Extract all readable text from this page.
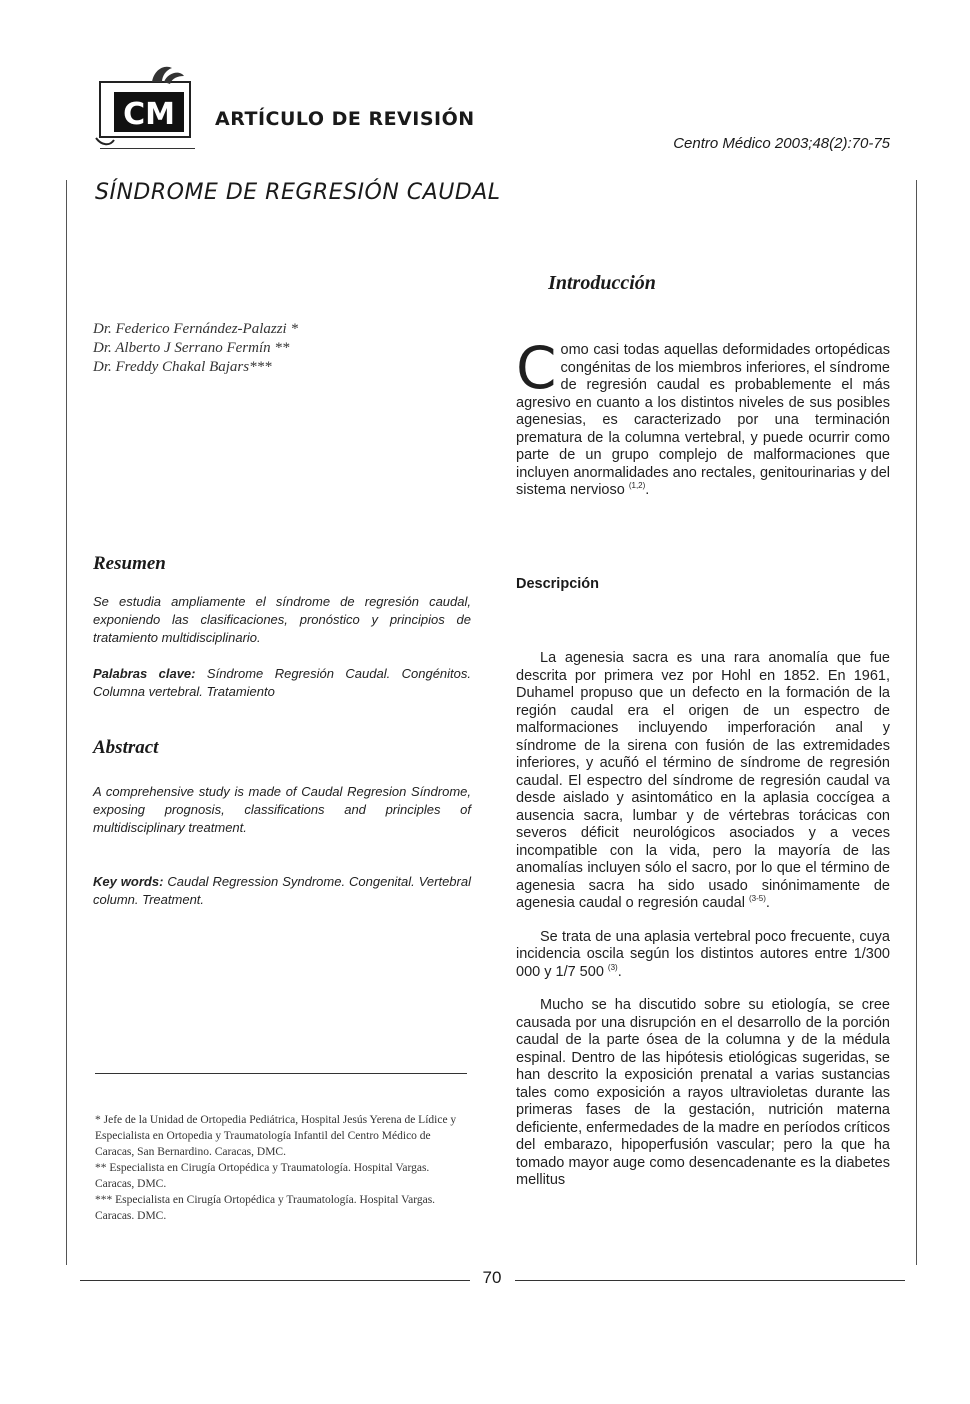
CM ARTÍCULO DE REVISIÓN
Centro Médico 2003;48(2):70-75
SÍNDROME DE REGRESIÓN CAUDAL
Dr. Federico Fernández-Palazzi *
Dr. Alberto J Serrano Fermín **
Dr. Freddy Chakal Bajars***
Resumen
Se estudia ampliamente el síndrome de regresión caudal, exponiendo las clasificaciones, pronóstico y principios de tratamiento multidisciplinario.
Palabras clave: Síndrome Regresión Caudal. Congénitos. Columna vertebral. Tratamiento
Abstract
A comprehensive study is made of Caudal Regresion Síndrome, exposing prognosis, classifications and principles of multidisciplinary treatment.
Key words: Caudal Regression Syndrome. Congenital. Vertebral column. Treatment.

* Jefe de la Unidad de Ortopedia Pediátrica, Hospital Jesús Yerena de Lídice y Especialista en Ortopedia y Traumatología Infantil del Centro Médico de Caracas, San Bernardino. Caracas, DMC.

** Especialista en Cirugía Ortopédica y Traumatología. Hospital Vargas. Caracas, DMC.

*** Especialista en Cirugía Ortopédica y Traumatología. Hospital Vargas. Caracas. DMC.

Introducción

Como casi todas aquellas deformidades ortopédicas congénitas de los miembros inferiores, el síndrome de regresión caudal es probablemente el más agresivo en cuanto a los distintos niveles de sus posibles agenesias, es caracterizado por una terminación prematura de la columna vertebral, y puede ocurrir como parte de un grupo complejo de malformaciones que incluyen anormalidades ano rectales, genitourinarias y del sistema nervioso $^{(1,2)}$.

Descripción

La agenesia sacra es una rara anomalía que fue descrita por primera vez por Hohl en 1852. En 1961, Duhamel propuso que un defecto en la formación de la región caudal era el origen de un espectro de malformaciones incluyendo imperforación anal y síndrome de la sirena con fusión de las extremidades inferiores, y acuñó el término de síndrome de regresión caudal. El espectro del síndrome de regresión caudal va desde aislado y asintomático en la aplasia coccígea a ausencia sacra, lumbar y de vértebras torácicas con severos déficit neurológicos asociados y a veces incompatible con la vida, pero la mayoría de las anomalías incluyen sólo el sacro, por lo que el término de agenesia sacra ha sido usado sinónimamente de agenesia caudal o regresión caudal $^{(3-5)}$.

Se trata de una aplasia vertebral poco frecuente, cuya incidencia oscila según los distintos autores entre 1/300 000 y 1/7 500 $^{(3)}$.

Mucho se ha discutido sobre su etiología, se cree causada por una disrupción en el desarrollo de la porción caudal de la parte ósea de la columna y de la médula espinal. Dentro de las hipótesis etiológicas sugeridas, se han descrito la exposición prenatal a varias sustancias tales como exposición a rayos ultravioletas durante las primeras fases de la gestación, nutrición materna deficiente, enfermedades de la madre en períodos críticos del embarazo, hipoperfusión vascular; pero la que ha tomado mayor auge como desencadenante es la diabetes mellitus

70
